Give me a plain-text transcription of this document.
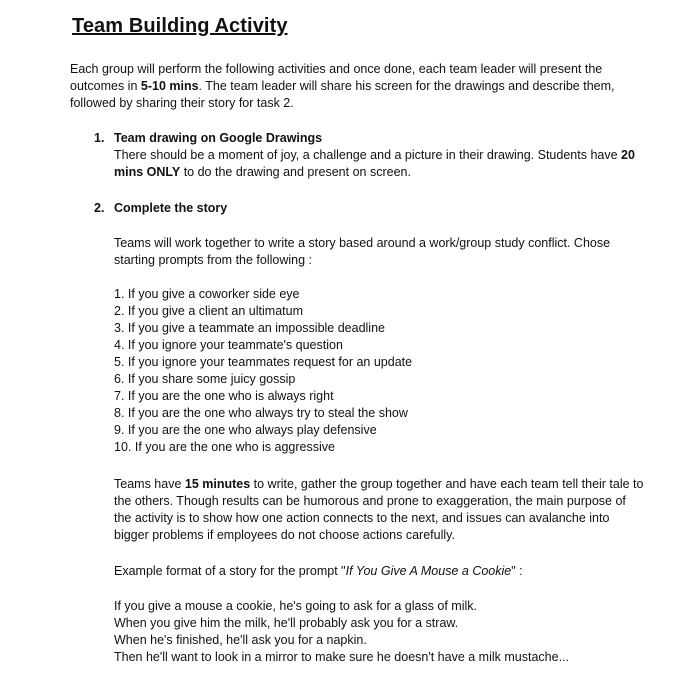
Team Building Activity

Each group will perform the following activities and once done, each team leader will present the outcomes in 5-10 mins. The team leader will share his screen for the drawings and describe them, followed by sharing their story for task 2.

1. Team drawing on Google Drawings

There should be a moment of joy, a challenge and a picture in their drawing. Students have 20 mins ONLY to do the drawing and present on screen.

2. Complete the story

Teams will work together to write a story based around a work/group study conflict. Chose starting prompts from the following :

1. If you give a coworker side eye
2. If you give a client an ultimatum
3. If you give a teammate an impossible deadline
4. If you ignore your teammate's question
5. If you ignore your teammates request for an update
6. If you share some juicy gossip
7. If you are the one who is always right
8. If you are the one who always try to steal the show
9. If you are the one who always play defensive
10. If you are the one who is aggressive

Teams have 15 minutes to write, gather the group together and have each team tell their tale to the others. Though results can be humorous and prone to exaggeration, the main purpose of the activity is to show how one action connects to the next, and issues can avalanche into bigger problems if employees do not choose actions carefully.

Example format of a story for the prompt "If You Give A Mouse a Cookie" :

If you give a mouse a cookie, he's going to ask for a glass of milk.
When you give him the milk, he'll probably ask you for a straw.
When he's finished, he'll ask you for a napkin.
Then he'll want to look in a mirror to make sure he doesn't have a milk mustache...
